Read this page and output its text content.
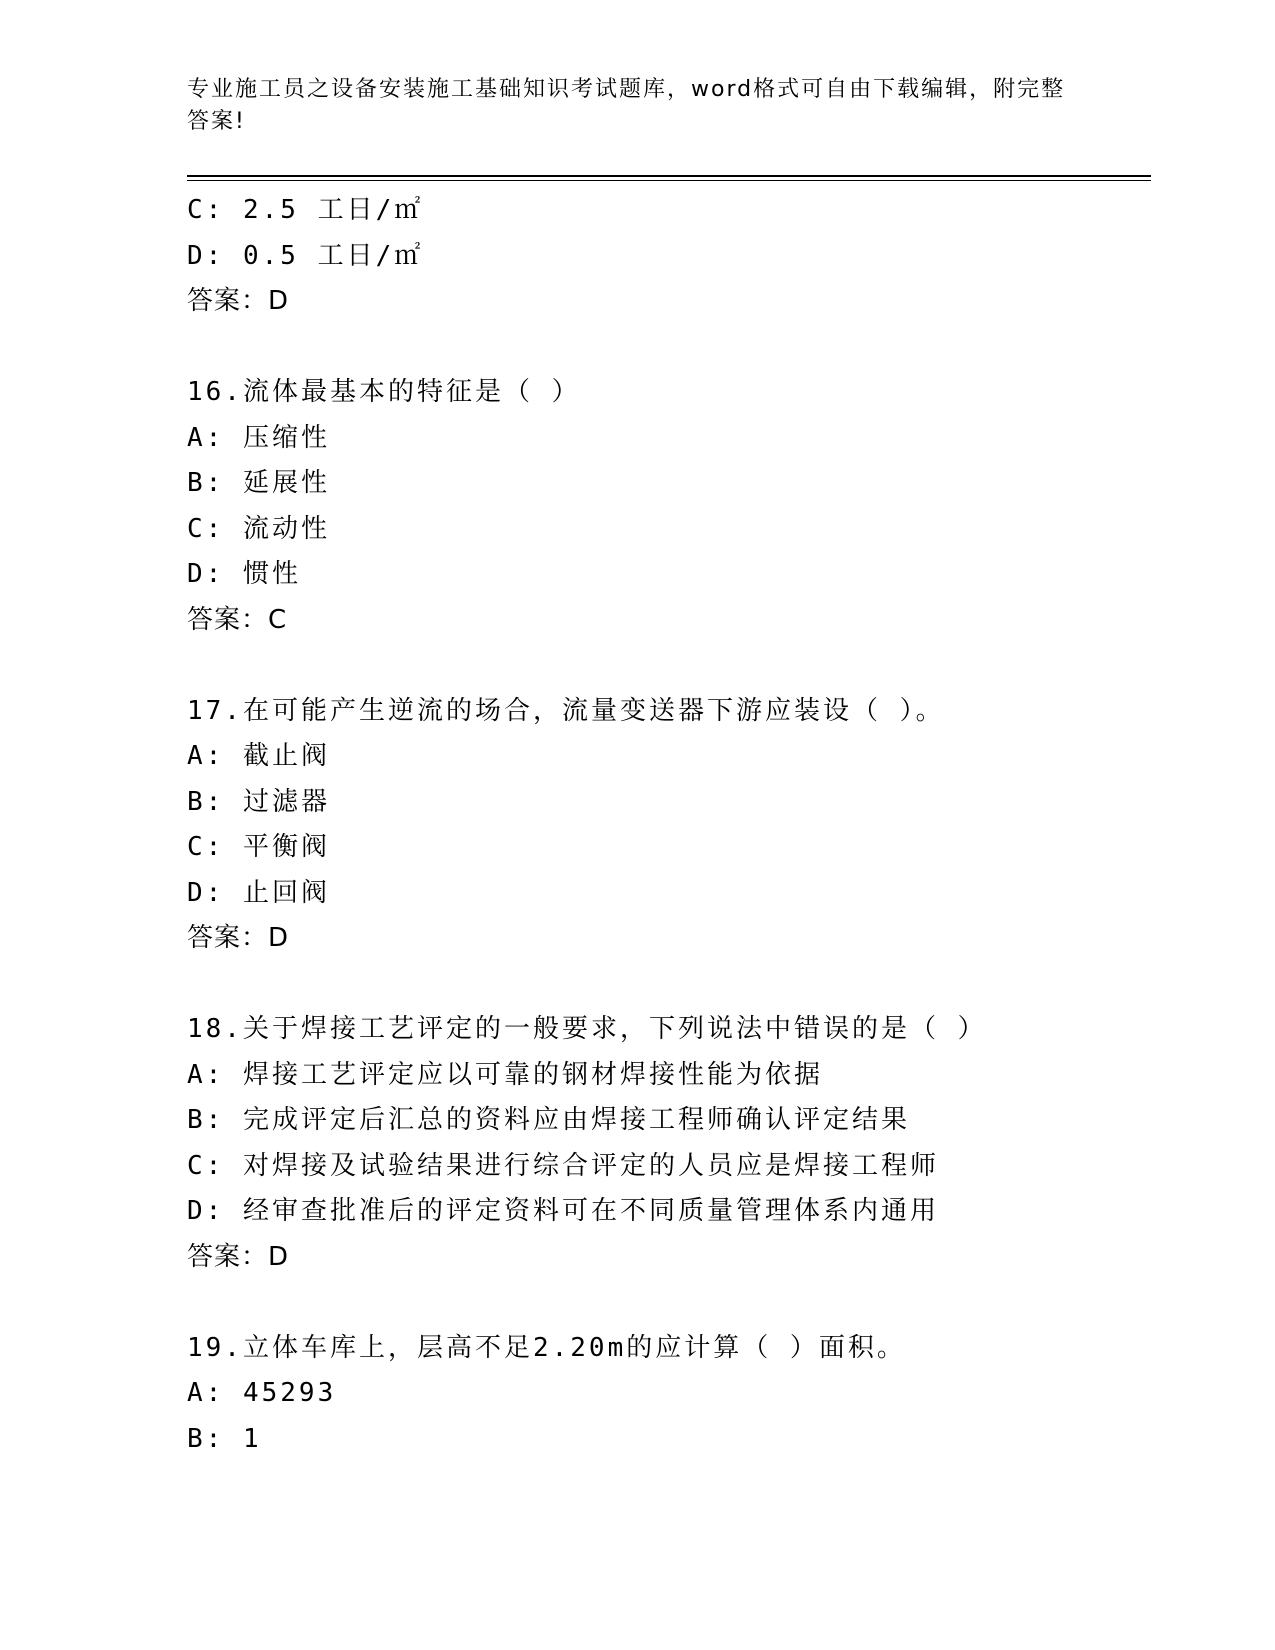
专业施工员之设备安装施工基础知识考试题库，word格式可自由下载编辑，附完整答案!
C: 2.5 工日/㎡
D: 0.5 工日/㎡
答案：D
16.流体最基本的特征是（ ）
A: 压缩性
B: 延展性
C: 流动性
D: 惯性
答案：C
17.在可能产生逆流的场合，流量变送器下游应装设（ ）。
A: 截止阀
B: 过滤器
C: 平衡阀
D: 止回阀
答案：D
18.关于焊接工艺评定的一般要求，下列说法中错误的是（ ）
A: 焊接工艺评定应以可靠的钢材焊接性能为依据
B: 完成评定后汇总的资料应由焊接工程师确认评定结果
C: 对焊接及试验结果进行综合评定的人员应是焊接工程师
D: 经审查批准后的评定资料可在不同质量管理体系内通用
答案：D
19.立体车库上，层高不足2.20m的应计算（ ）面积。
A: 45293
B: 1
